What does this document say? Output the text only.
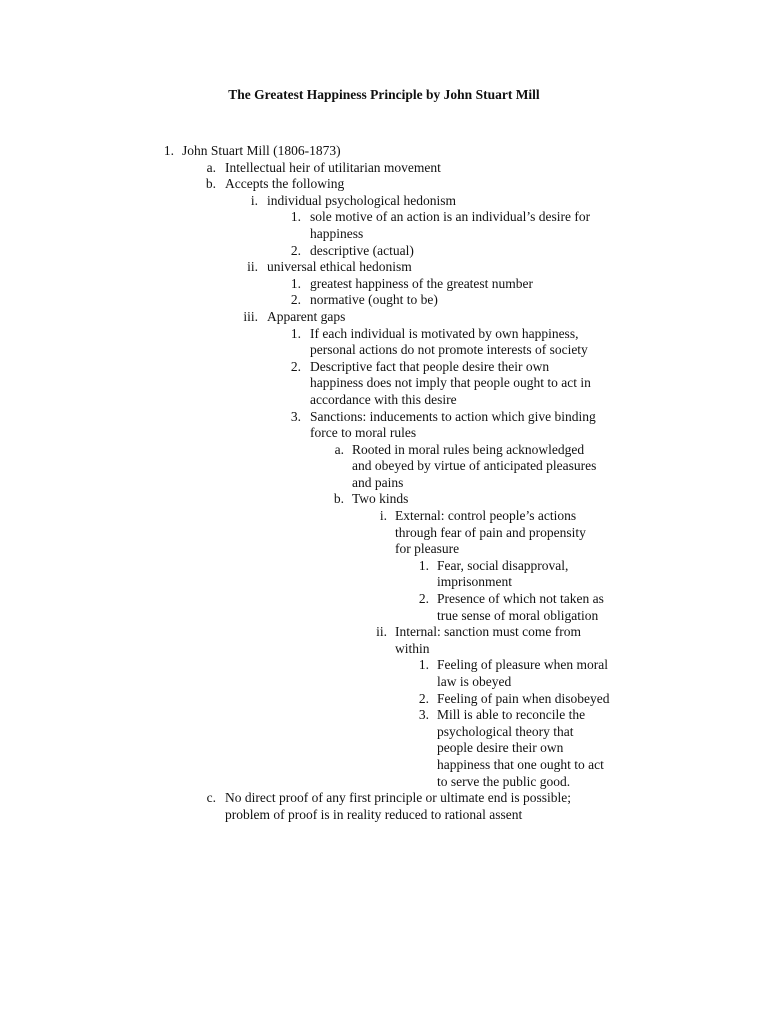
The Greatest Happiness Principle by John Stuart Mill
1. John Stuart Mill (1806-1873)
a. Intellectual heir of utilitarian movement
b. Accepts the following
i. individual psychological hedonism
1. sole motive of an action is an individual’s desire for
happiness
2. descriptive (actual)
ii. universal ethical hedonism
1. greatest happiness of the greatest number
2. normative (ought to be)
iii. Apparent gaps
1. If each individual is motivated by own happiness,
personal actions do not promote interests of society
2. Descriptive fact that people desire their own
happiness does not imply that people ought to act in
accordance with this desire
3. Sanctions: inducements to action which give binding
force to moral rules
a. Rooted in moral rules being acknowledged
and obeyed by virtue of anticipated pleasures
and pains
b. Two kinds
i. External: control people’s actions
through fear of pain and propensity
for pleasure
1. Fear, social disapproval,
imprisonment
2. Presence of which not taken as
true sense of moral obligation
ii. Internal: sanction must come from
within
1. Feeling of pleasure when moral
law is obeyed
2. Feeling of pain when disobeyed
3. Mill is able to reconcile the
psychological theory that
people desire their own
happiness that one ought to act
to serve the public good.
c. No direct proof of any first principle or ultimate end is possible;
problem of proof is in reality reduced to rational assent
